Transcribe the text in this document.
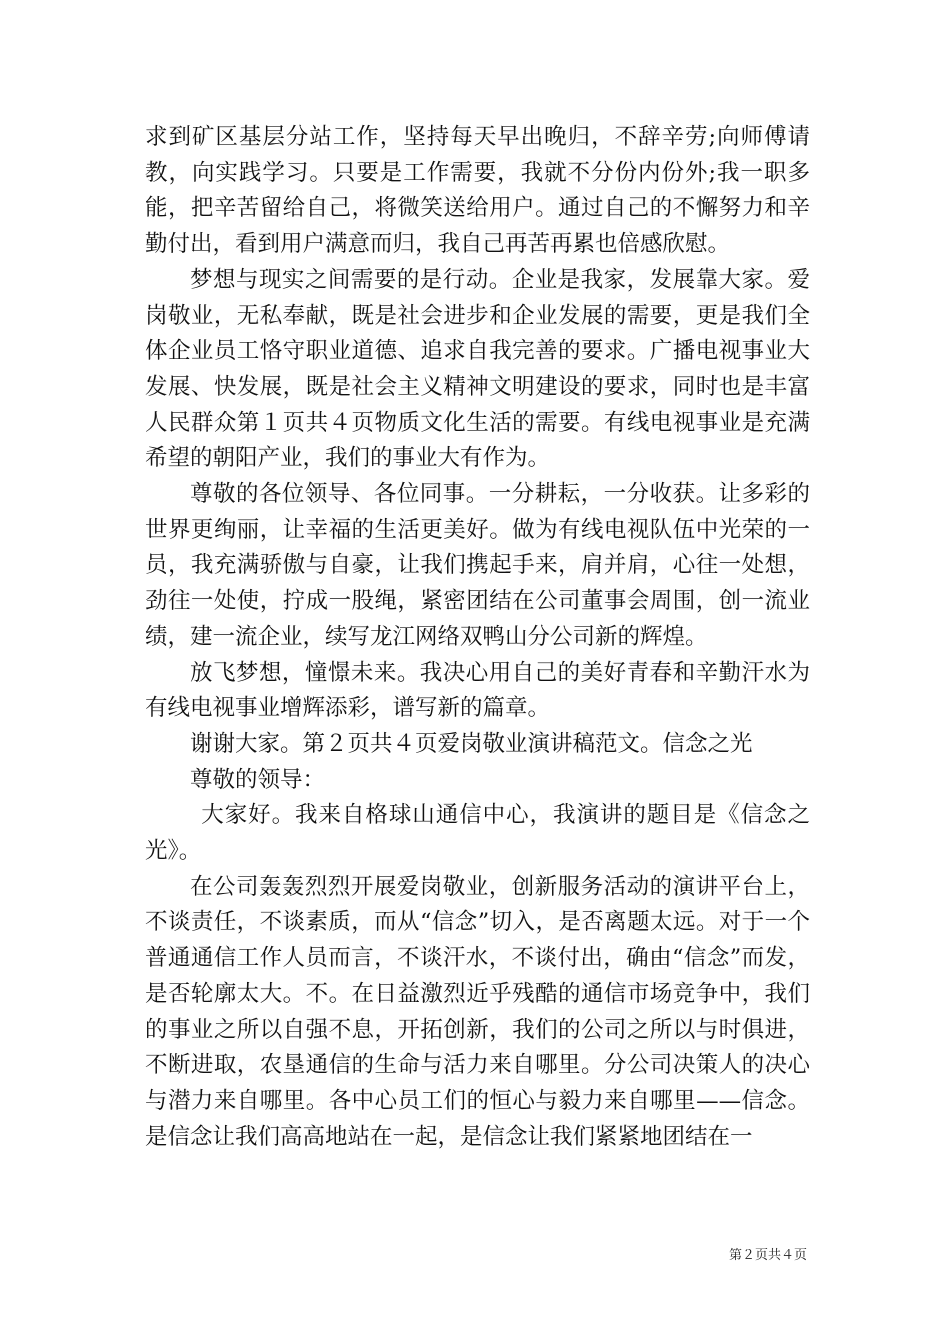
求到矿区基层分站工作，坚持每天早出晚归，不辞辛劳;向师傅请教，向实践学习。只要是工作需要，我就不分份内份外;我一职多能，把辛苦留给自己，将微笑送给用户。通过自己的不懈努力和辛勤付出，看到用户满意而归，我自己再苦再累也倍感欣慰。

梦想与现实之间需要的是行动。企业是我家，发展靠大家。爱岗敬业，无私奉献，既是社会进步和企业发展的需要，更是我们全体企业员工恪守职业道德、追求自我完善的要求。广播电视事业大发展、快发展，既是社会主义精神文明建设的要求，同时也是丰富人民群众第１页共４页物质文化生活的需要。有线电视事业是充满希望的朝阳产业，我们的事业大有作为。

尊敬的各位领导、各位同事。一分耕耘，一分收获。让多彩的世界更绚丽，让幸福的生活更美好。做为有线电视队伍中光荣的一员，我充满骄傲与自豪，让我们携起手来，肩并肩，心往一处想，劲往一处使，拧成一股绳，紧密团结在公司董事会周围，创一流业绩，建一流企业，续写龙江网络双鸭山分公司新的辉煌。

放飞梦想，憧憬未来。我决心用自己的美好青春和辛勤汗水为有线电视事业增辉添彩，谱写新的篇章。

谢谢大家。第２页共４页爱岗敬业演讲稿范文。信念之光

尊敬的领导：

大家好。我来自格球山通信中心，我演讲的题目是《信念之光》。

在公司轰轰烈烈开展爱岗敬业，创新服务活动的演讲平台上，不谈责任，不谈素质，而从“信念”切入，是否离题太远。对于一个普通通信工作人员而言，不谈汗水，不谈付出，确由“信念”而发，是否轮廓太大。不。在日益激烈近乎残酷的通信市场竞争中，我们的事业之所以自强不息，开拓创新，我们的公司之所以与时俱进，不断进取，农垦通信的生命与活力来自哪里。分公司决策人的决心与潜力来自哪里。各中心员工们的恒心与毅力来自哪里——信念。是信念让我们高高地站在一起，是信念让我们紧紧地团结在一

第２页共４页
